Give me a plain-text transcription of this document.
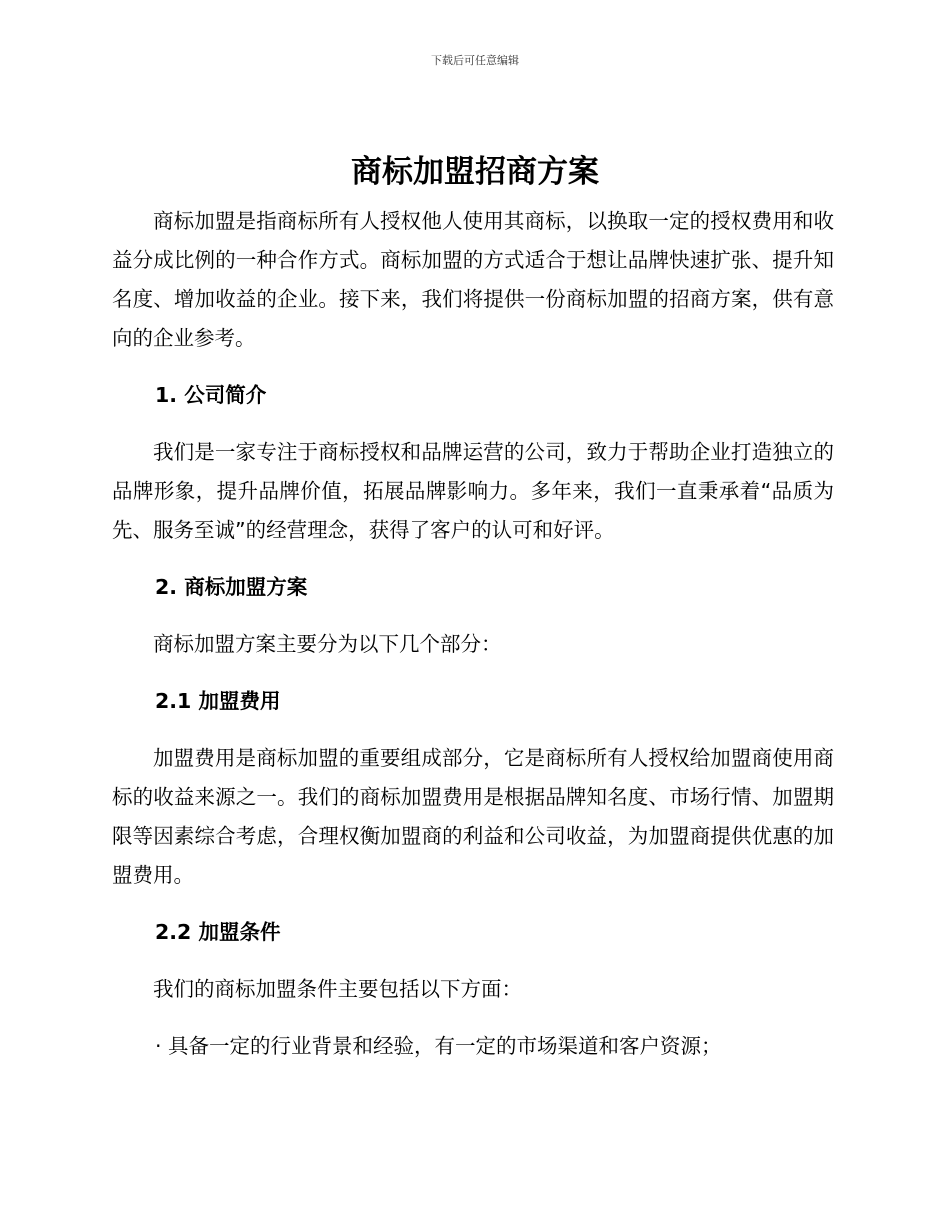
下载后可任意编辑
商标加盟招商方案

商标加盟是指商标所有人授权他人使用其商标，以换取一定的授权费用和收益分成比例的一种合作方式。商标加盟的方式适合于想让品牌快速扩张、提升知名度、增加收益的企业。接下来，我们将提供一份商标加盟的招商方案，供有意向的企业参考。

1. 公司简介

我们是一家专注于商标授权和品牌运营的公司，致力于帮助企业打造独立的品牌形象，提升品牌价值，拓展品牌影响力。多年来，我们一直秉承着“品质为先、服务至诚”的经营理念，获得了客户的认可和好评。

2. 商标加盟方案

商标加盟方案主要分为以下几个部分：

2.1 加盟费用

加盟费用是商标加盟的重要组成部分，它是商标所有人授权给加盟商使用商标的收益来源之一。我们的商标加盟费用是根据品牌知名度、市场行情、加盟期限等因素综合考虑，合理权衡加盟商的利益和公司收益，为加盟商提供优惠的加盟费用。

2.2 加盟条件

我们的商标加盟条件主要包括以下方面：

· 具备一定的行业背景和经验，有一定的市场渠道和客户资源；
